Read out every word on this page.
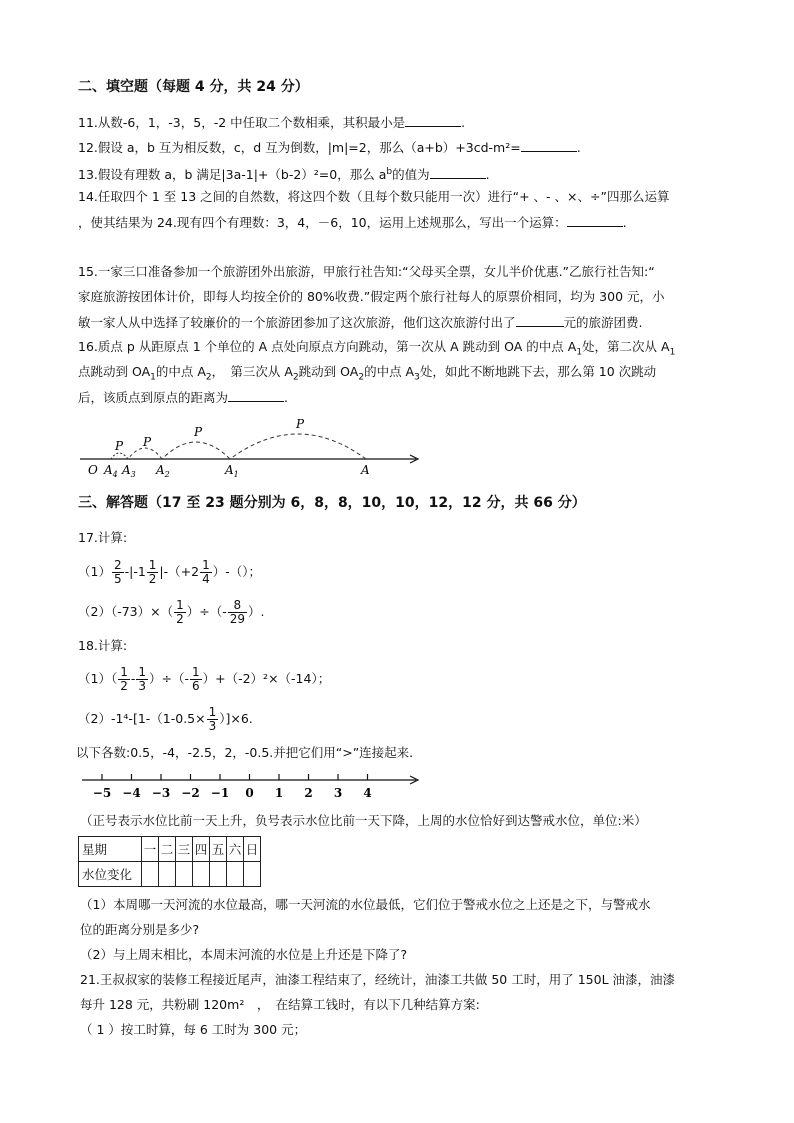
二、填空题（每题 4 分，共 24 分）
11.从数-6，1，-3，5，-2 中任取二个数相乘，其积最小是	.
12.假设 a，b 互为相反数，c，d 互为倒数，|m|=2，那么（a+b）+3cd-m²=	.
13.假设有理数 a，b 满足|3a-1|+（b-2）²=0，那么 $a^b$的值为	.
14.任取四个 1 至 13 之间的自然数，将这四个数（且每个数只能用一次）进行“+ 、- 、×、÷”四那么运算
，使其结果为 24.现有四个有理数：3，4，－6，10，运用上述规那么，写出一个运算：	.
15.一家三口准备参加一个旅游团外出旅游，甲旅行社告知:“父母买全票，女儿半价优惠.”乙旅行社告知:“
家庭旅游按团体计价，即每人均按全价的 80%收费.”假定两个旅行社每人的原票价相同，均为 300 元，小
敏一家人从中选择了较廉价的一个旅游团参加了这次旅游，他们这次旅游付出了	元的旅游团费.
16.质点 p 从距原点 1 个单位的 A 点处向原点方向跳动，第一次从 A 跳动到 OA 的中点 $A_1$处，第二次从 $A_1$
点跳动到 $OA_1$的中点 $A_2$，　第三次从 $A_2$跳动到 $OA_2$的中点 $A_3$处，如此不断地跳下去，那么第 10 次跳动
后，该质点到原点的距离为	.
P
P
P
P
O $A_4$ $A_3$ $A_2$	$A_1$	A
三、解答题（17 至 23 题分别为 6，8，8，10，10，12，12 分，共 66 分）
17.计算:
$(1) \frac{2}{5} -|-1 \frac{1}{2} |-(+2 \frac{1}{4}$ ）-（）；
$(2)(-73)\times( \frac{1}{2}$ ）÷（- $\frac{8}{29}$ ）.
18.计算:
$(1)( \frac{1}{2} - \frac{1}{3}$ ）÷（- $\frac{1}{6} )+(-2)^2\times(-14)$；
$(2)-1^4-[1-(1-0.5\times \frac{1}{3} )]\times 6$.
以下各数:0.5，-4，-2.5，2，-0.5.并把它们用“>”连接起来.
−5 −4 −3 −2 −1 0 1 2 3 4
（正号表示水位比前一天上升，负号表示水位比前一天下降，上周的水位恰好到达警戒水位，单位:米）
星期	一	二	三	四	五	六	日
水位变化							
（1）本周哪一天河流的水位最高，哪一天河流的水位最低，它们位于警戒水位之上还是之下，与警戒水
位的距离分别是多少?
（2）与上周末相比，本周末河流的水位是上升还是下降了?
21.王叔叔家的装修工程接近尾声，油漆工程结束了，经统计，油漆工共做 50 工时，用了 150L 油漆，油漆
每升 128 元，共粉刷 120m²　，　在结算工钱时，有以下几种结算方案:
（ 1 ）按工时算，每 6 工时为 300 元；
